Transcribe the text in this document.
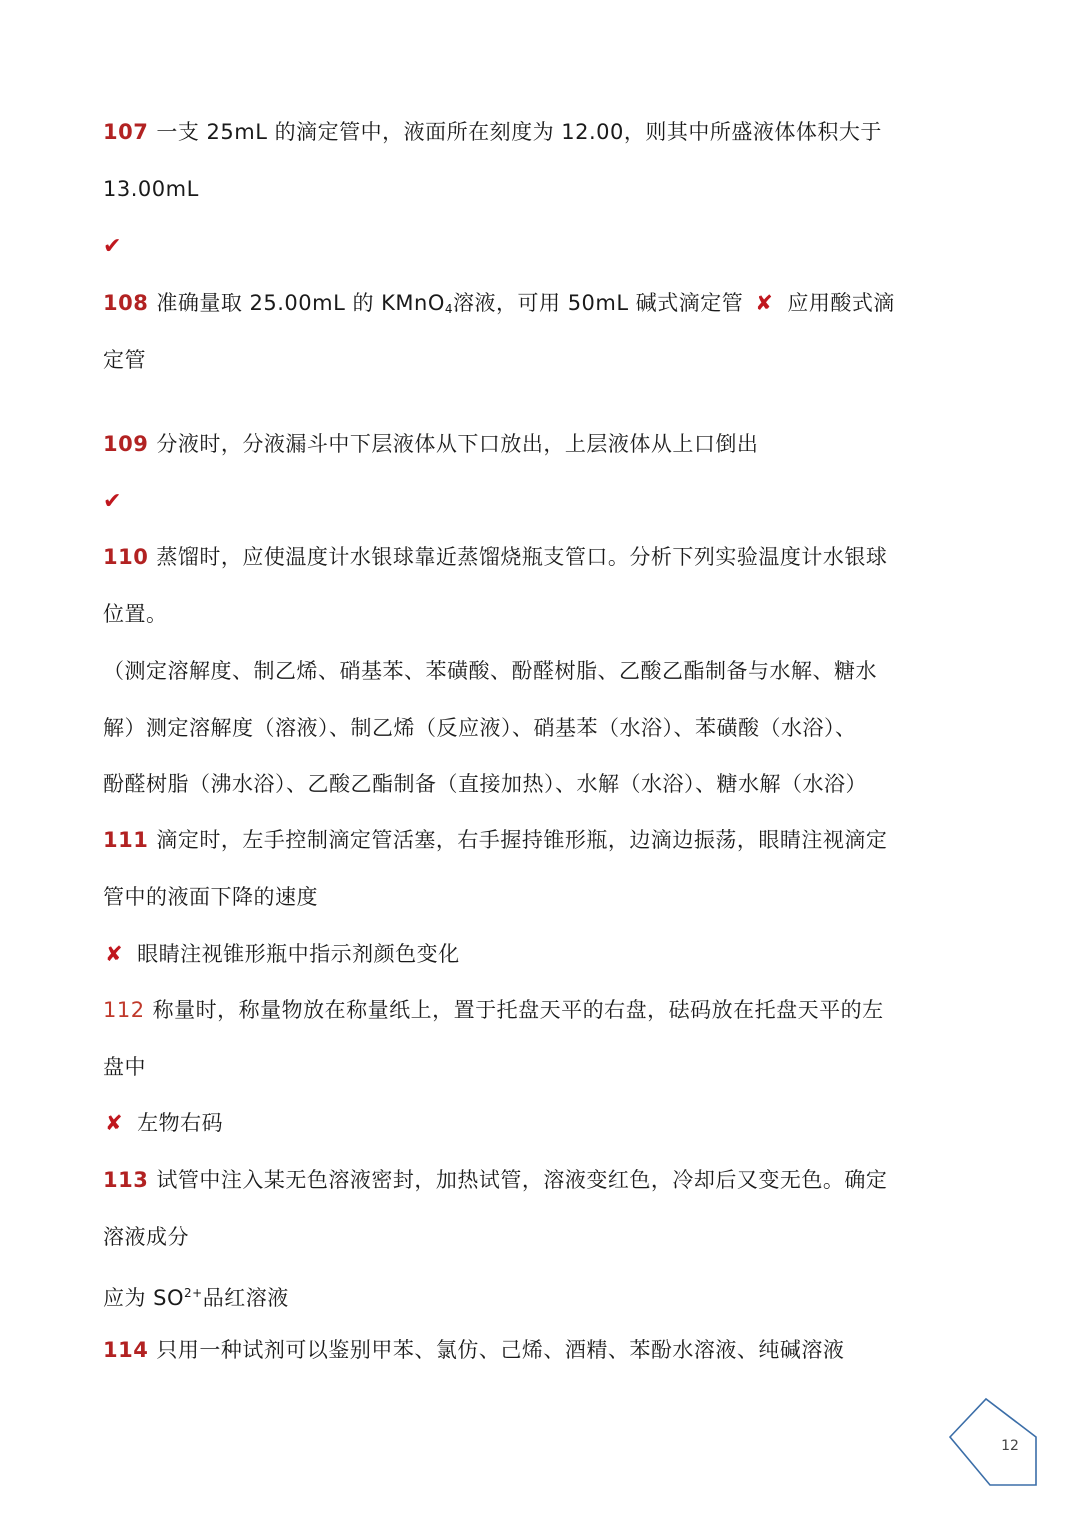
107 一支 25mL 的滴定管中，液面所在刻度为 12.00，则其中所盛液体体积大于

13.00mL

✔

108 准确量取 25.00mL 的 KMnO$_4$溶液，可用 50mL 碱式滴定管 ✘ 应用酸式滴

定管

109 分液时，分液漏斗中下层液体从下口放出，上层液体从上口倒出

✔

110 蒸馏时，应使温度计水银球靠近蒸馏烧瓶支管口。分析下列实验温度计水银球

位置。

（测定溶解度、制乙烯、硝基苯、苯磺酸、酚醛树脂、乙酸乙酯制备与水解、糖水

解）测定溶解度（溶液）、制乙烯（反应液）、硝基苯（水浴）、苯磺酸（水浴）、

酚醛树脂（沸水浴）、乙酸乙酯制备（直接加热）、水解（水浴）、糖水解（水浴）

111 滴定时，左手控制滴定管活塞，右手握持锥形瓶，边滴边振荡，眼睛注视滴定

管中的液面下降的速度

✘ 眼睛注视锥形瓶中指示剂颜色变化

112 称量时，称量物放在称量纸上，置于托盘天平的右盘，砝码放在托盘天平的左

盘中

✘ 左物右码

113 试管中注入某无色溶液密封，加热试管，溶液变红色，冷却后又变无色。确定

溶液成分

应为 $SO^{2+}$品红溶液

114 只用一种试剂可以鉴别甲苯、氯仿、己烯、酒精、苯酚水溶液、纯碱溶液

12
